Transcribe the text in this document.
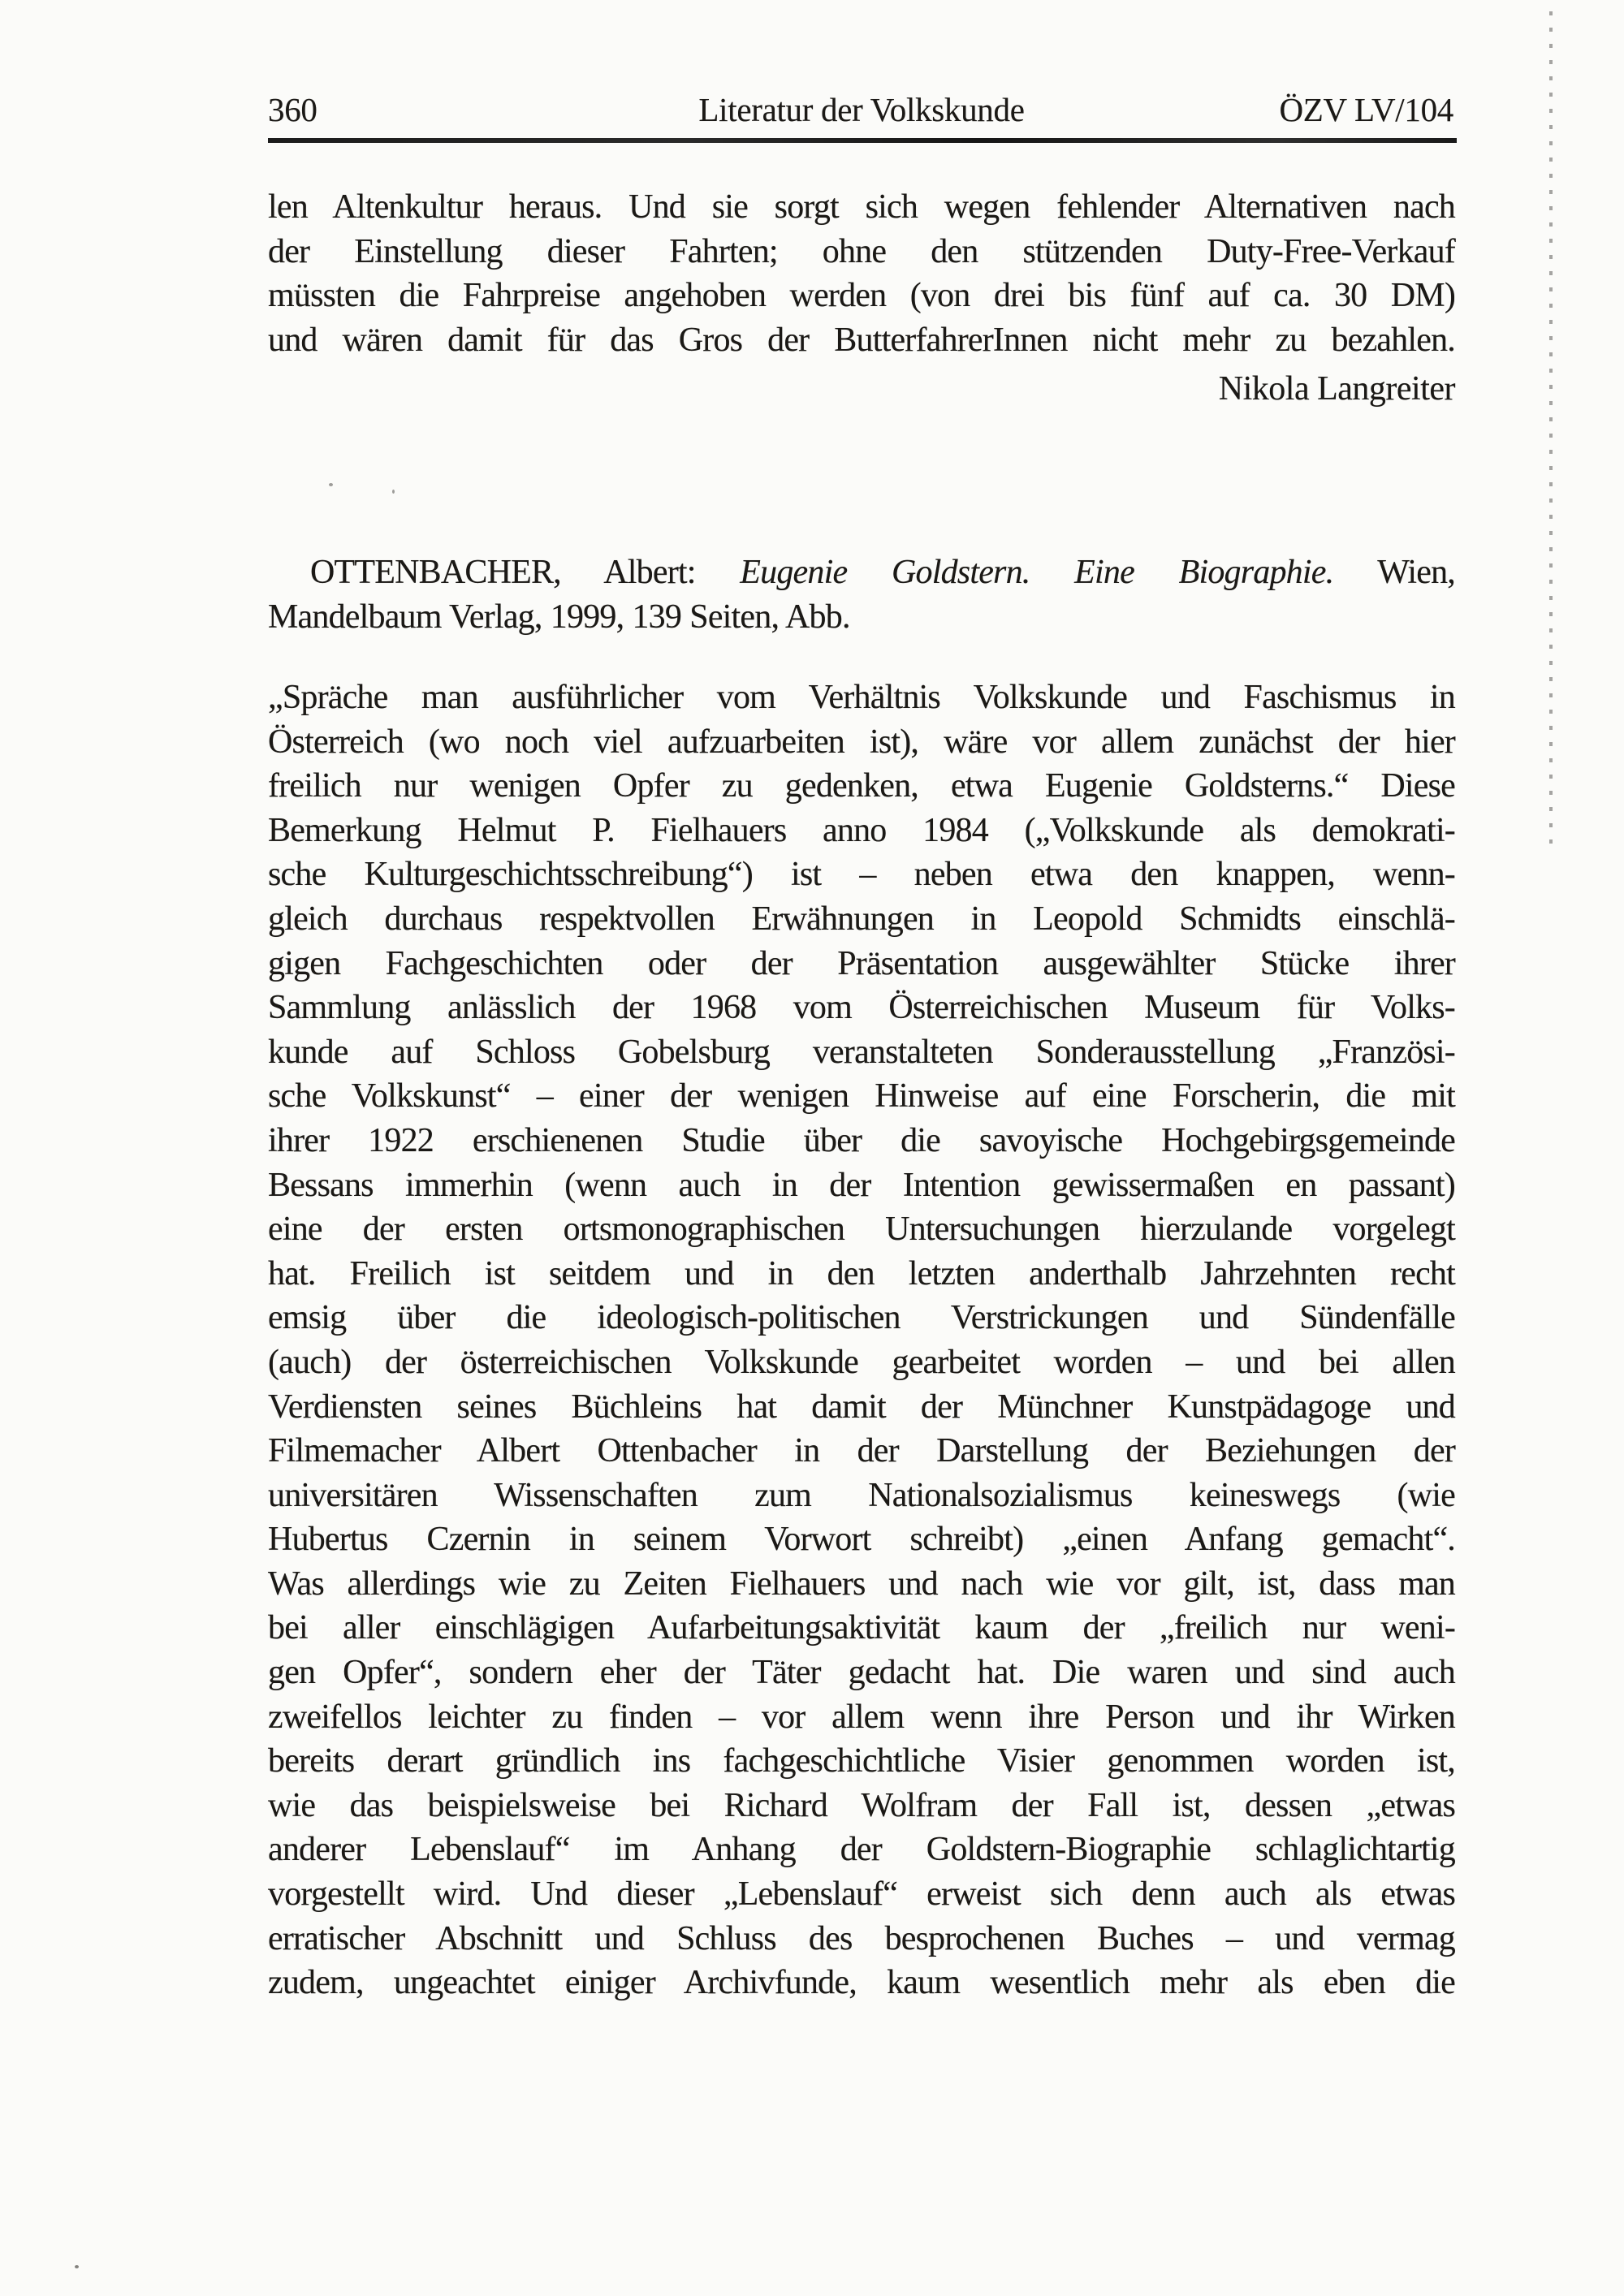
360	Literatur der Volkskunde	ÖZV LV/104
len Altenkultur heraus. Und sie sorgt sich wegen fehlender Alternativen nach
der Einstellung dieser Fahrten; ohne den stützenden Duty-Free-Verkauf
müssten die Fahrpreise angehoben werden (von drei bis fünf auf ca. 30 DM)
und wären damit für das Gros der ButterfahrerInnen nicht mehr zu bezahlen.
Nikola Langreiter
OTTENBACHER, Albert: Eugenie Goldstern. Eine Biographie. Wien,
Mandelbaum Verlag, 1999, 139 Seiten, Abb.
„Spräche man ausführlicher vom Verhältnis Volkskunde und Faschismus in
Österreich (wo noch viel aufzuarbeiten ist), wäre vor allem zunächst der hier
freilich nur wenigen Opfer zu gedenken, etwa Eugenie Goldsterns.“ Diese
Bemerkung Helmut P. Fielhauers anno 1984 („Volkskunde als demokrati-
sche Kulturgeschichtsschreibung“) ist – neben etwa den knappen, wenn-
gleich durchaus respektvollen Erwähnungen in Leopold Schmidts einschlä-
gigen Fachgeschichten oder der Präsentation ausgewählter Stücke ihrer
Sammlung anlässlich der 1968 vom Österreichischen Museum für Volks-
kunde auf Schloss Gobelsburg veranstalteten Sonderausstellung „Französi-
sche Volkskunst“ – einer der wenigen Hinweise auf eine Forscherin, die mit
ihrer 1922 erschienenen Studie über die savoyische Hochgebirgsgemeinde
Bessans immerhin (wenn auch in der Intention gewissermaßen en passant)
eine der ersten ortsmonographischen Untersuchungen hierzulande vorgelegt
hat. Freilich ist seitdem und in den letzten anderthalb Jahrzehnten recht
emsig über die ideologisch-politischen Verstrickungen und Sündenfälle
(auch) der österreichischen Volkskunde gearbeitet worden – und bei allen
Verdiensten seines Büchleins hat damit der Münchner Kunstpädagoge und
Filmemacher Albert Ottenbacher in der Darstellung der Beziehungen der
universitären Wissenschaften zum Nationalsozialismus keineswegs (wie
Hubertus Czernin in seinem Vorwort schreibt) „einen Anfang gemacht“.
Was allerdings wie zu Zeiten Fielhauers und nach wie vor gilt, ist, dass man
bei aller einschlägigen Aufarbeitungsaktivität kaum der „freilich nur weni-
gen Opfer“, sondern eher der Täter gedacht hat. Die waren und sind auch
zweifellos leichter zu finden – vor allem wenn ihre Person und ihr Wirken
bereits derart gründlich ins fachgeschichtliche Visier genommen worden ist,
wie das beispielsweise bei Richard Wolfram der Fall ist, dessen „etwas
anderer Lebenslauf“ im Anhang der Goldstern-Biographie schlaglichtartig
vorgestellt wird. Und dieser „Lebenslauf“ erweist sich denn auch als etwas
erratischer Abschnitt und Schluss des besprochenen Buches – und vermag
zudem, ungeachtet einiger Archivfunde, kaum wesentlich mehr als eben die
